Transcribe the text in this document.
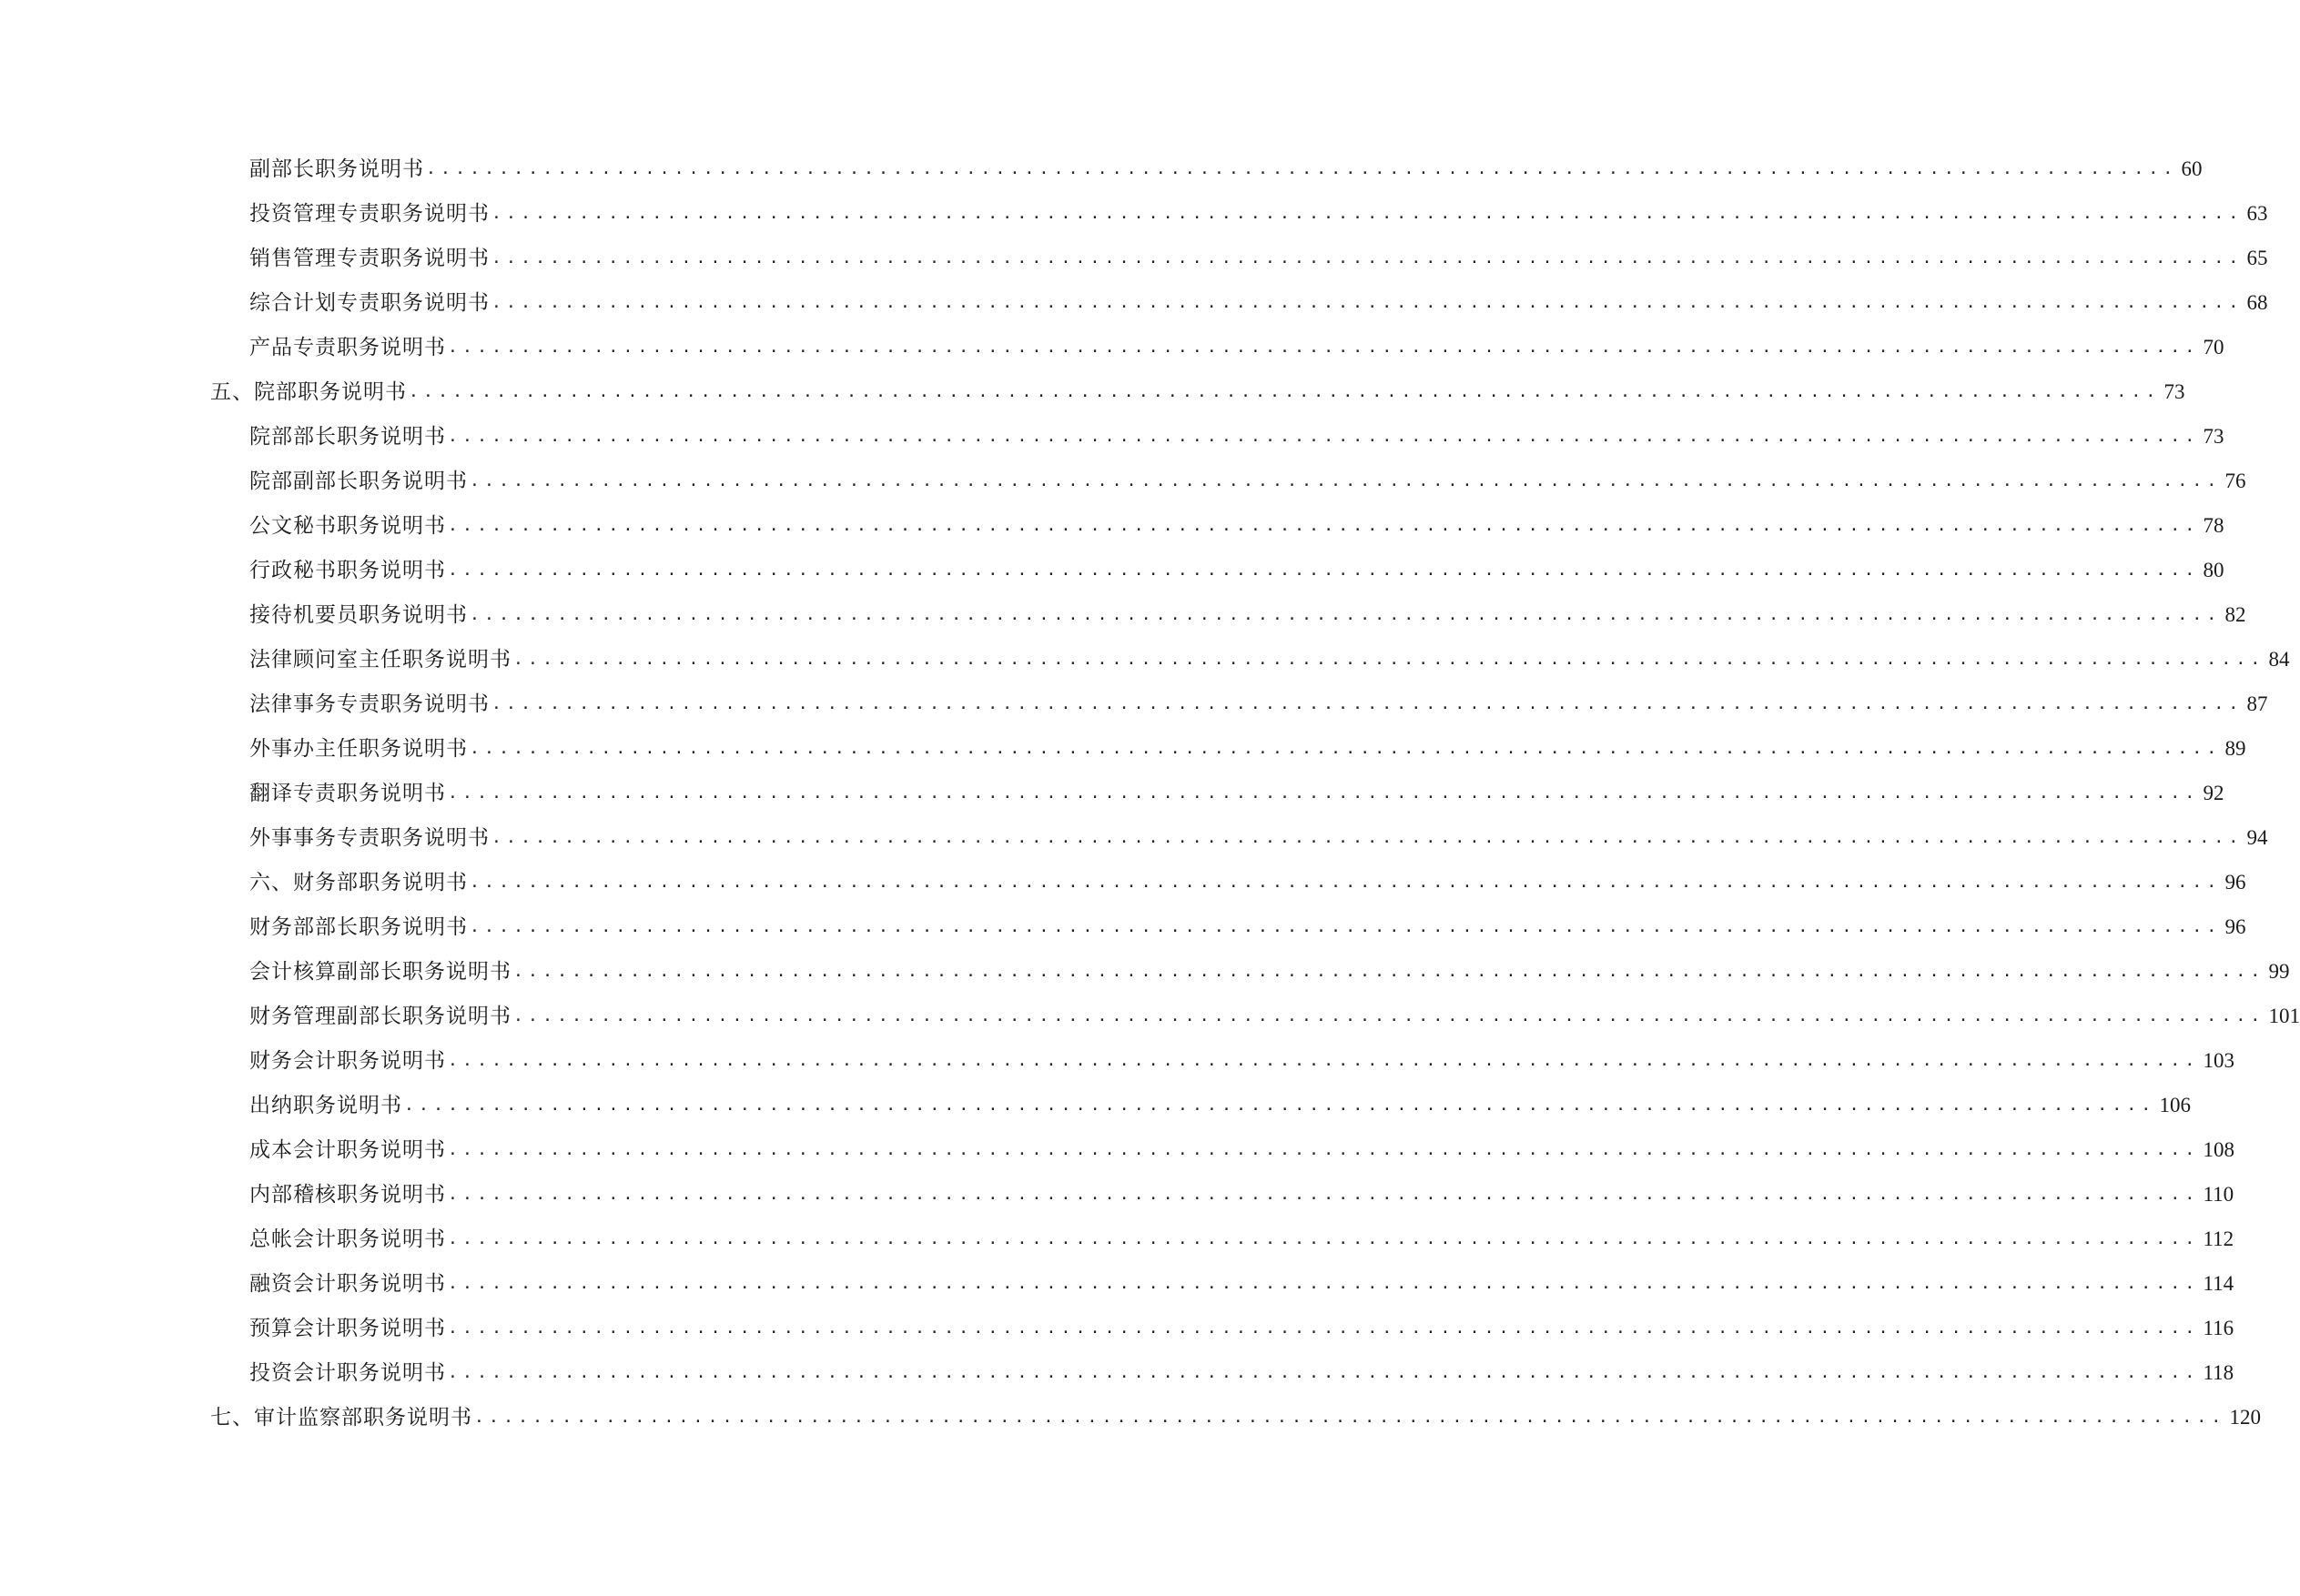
副部长职务说明书 ........................................................................................................................ 60
投资管理专责职务说明书 ........................................................................................................................ 63
销售管理专责职务说明书 ........................................................................................................................ 65
综合计划专责职务说明书 ........................................................................................................................ 68
产品专责职务说明书 ........................................................................................................................ 70
五、院部职务说明书 ........................................................................................................................ 73
院部部长职务说明书 ........................................................................................................................ 73
院部副部长职务说明书 ........................................................................................................................ 76
公文秘书职务说明书 ........................................................................................................................ 78
行政秘书职务说明书 ........................................................................................................................ 80
接待机要员职务说明书 ........................................................................................................................ 82
法律顾问室主任职务说明书 ........................................................................................................................ 84
法律事务专责职务说明书 ........................................................................................................................ 87
外事办主任职务说明书 ........................................................................................................................ 89
翻译专责职务说明书 ........................................................................................................................ 92
外事事务专责职务说明书 ........................................................................................................................ 94
六、财务部职务说明书 ........................................................................................................................ 96
财务部部长职务说明书 ........................................................................................................................ 96
会计核算副部长职务说明书 ........................................................................................................................ 99
财务管理副部长职务说明书 ........................................................................................................................ 101
财务会计职务说明书 ........................................................................................................................ 103
出纳职务说明书 ........................................................................................................................ 106
成本会计职务说明书 ........................................................................................................................ 108
内部稽核职务说明书 ........................................................................................................................ 110
总帐会计职务说明书 ........................................................................................................................ 112
融资会计职务说明书 ........................................................................................................................ 114
预算会计职务说明书 ........................................................................................................................ 116
投资会计职务说明书 ........................................................................................................................ 118
七、审计监察部职务说明书 ........................................................................................................................ 120
